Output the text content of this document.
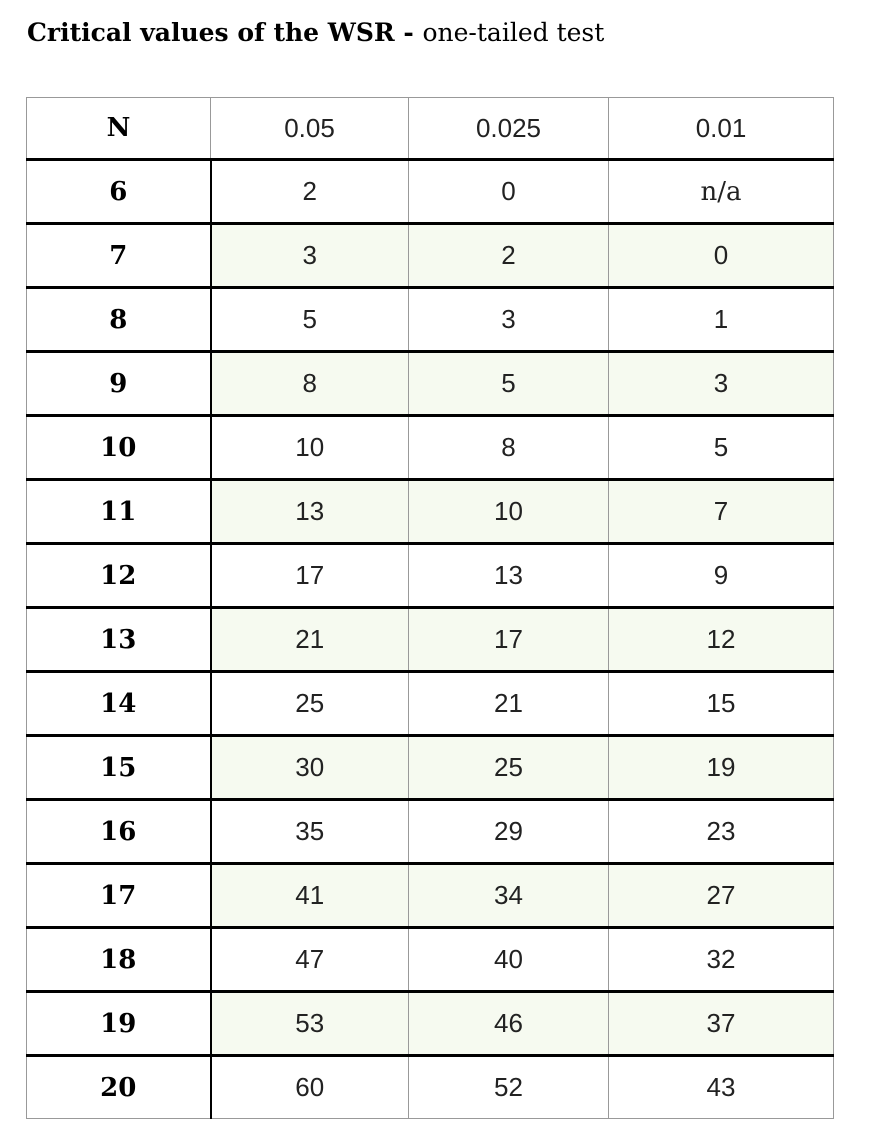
Critical values of the WSR - one-tailed test
N	0.05	0.025	0.01
6	2	0	n/a
7	3	2	0
8	5	3	1
9	8	5	3
10	10	8	5
11	13	10	7
12	17	13	9
13	21	17	12
14	25	21	15
15	30	25	19
16	35	29	23
17	41	34	27
18	47	40	32
19	53	46	37
20	60	52	43
